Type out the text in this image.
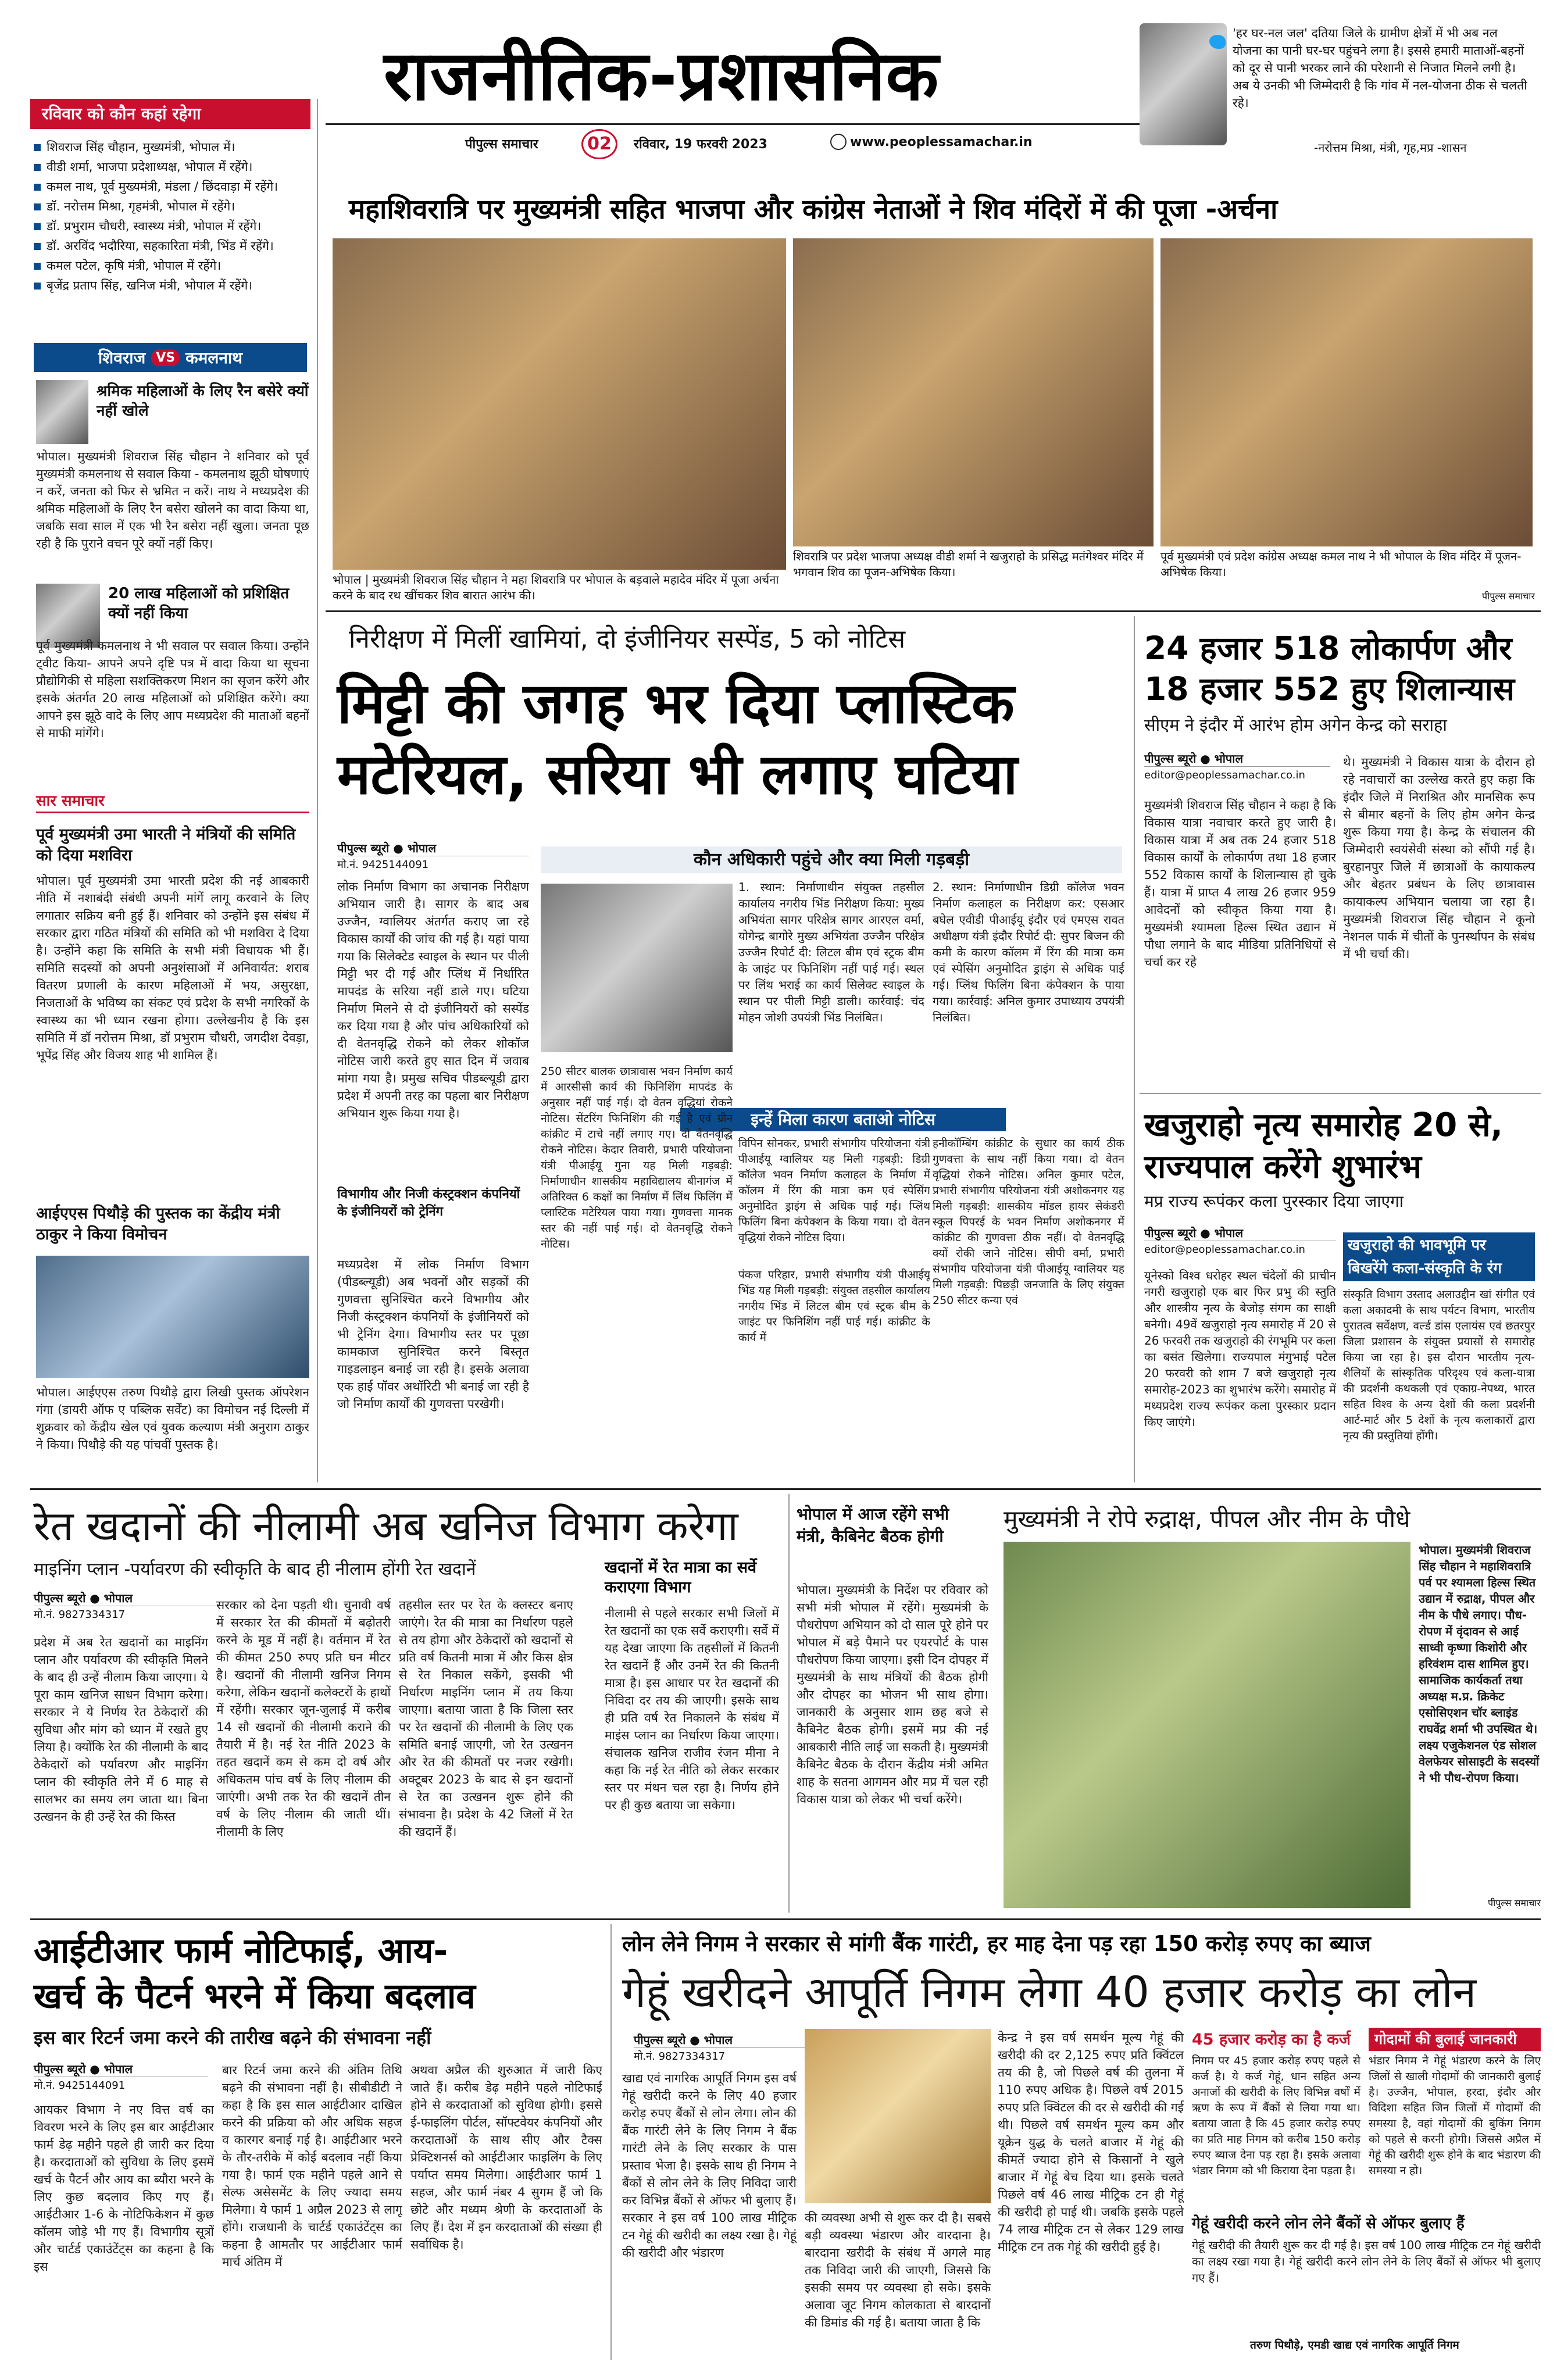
राजनीतिक-प्रशासनिक
पीपुल्स समाचार	02	रविवार, 19 फरवरी 2023	www.peoplessamachar.in
'हर घर-नल जल' दतिया जिले के ग्रामीण क्षेत्रों में भी अब नल योजना का पानी घर-घर पहुंचने लगा है। इससे हमारी माताओं-बहनों को दूर से पानी भरकर लाने की परेशानी से निजात मिलने लगी है। अब ये उनकी भी जिम्मेदारी है कि गांव में नल-योजना ठीक से चलती रहे।
-नरोत्तम मिश्रा, मंत्री, गृह,मप्र -शासन
रविवार को कौन कहां रहेगा
शिवराज सिंह चौहान, मुख्यमंत्री, भोपाल में।
वीडी शर्मा, भाजपा प्रदेशाध्यक्ष, भोपाल में रहेंगे।
कमल नाथ, पूर्व मुख्यमंत्री, मंडला / छिंदवाड़ा में रहेंगे।
डॉ. नरोत्तम मिश्रा, गृहमंत्री, भोपाल में रहेंगे।
डॉ. प्रभुराम चौधरी, स्वास्थ्य मंत्री, भोपाल में रहेंगे।
डॉ. अरविंद भदौरिया, सहकारिता मंत्री, भिंड में रहेंगे।
कमल पटेल, कृषि मंत्री, भोपाल में रहेंगे।
बृजेंद्र प्रताप सिंह, खनिज मंत्री, भोपाल में रहेंगे।
शिवराज VS कमलनाथ
श्रमिक महिलाओं के लिए रैन बसेरे क्यों नहीं खोले
भोपाल। मुख्यमंत्री शिवराज सिंह चौहान ने शनिवार को पूर्व मुख्यमंत्री कमलनाथ से सवाल किया - कमलनाथ झूठी घोषणाएं न करें, जनता को फिर से भ्रमित न करें। नाथ ने मध्यप्रदेश की श्रमिक महिलाओं के लिए रैन बसेरा खोलने का वादा किया था, जबकि सवा साल में एक भी रैन बसेरा नहीं खुला। जनता पूछ रही है कि पुराने वचन पूरे क्यों नहीं किए।
20 लाख महिलाओं को प्रशिक्षित क्यों नहीं किया
पूर्व मुख्यमंत्री कमलनाथ ने भी सवाल पर सवाल किया। उन्होंने ट्वीट किया- आपने अपने दृष्टि पत्र में वादा किया था सूचना प्रौद्योगिकी से महिला सशक्तिकरण मिशन का सृजन करेंगे और इसके अंतर्गत 20 लाख महिलाओं को प्रशिक्षित करेंगे। क्या आपने इस झूठे वादे के लिए आप मध्यप्रदेश की माताओं बहनों से माफी मांगेंगे।
सार समाचार
पूर्व मुख्यमंत्री उमा भारती ने मंत्रियों की समिति को दिया मशविरा
भोपाल। पूर्व मुख्यमंत्री उमा भारती प्रदेश की नई आबकारी नीति में नशाबंदी संबंधी अपनी मांगें लागू करवाने के लिए लगातार सक्रिय बनी हुई हैं। शनिवार को उन्होंने इस संबंध में सरकार द्वारा गठित मंत्रियों की समिति को भी मशविरा दे दिया है। उन्होंने कहा कि समिति के सभी मंत्री विधायक भी हैं। समिति सदस्यों को अपनी अनुशंसाओं में अनिवार्यत: शराब वितरण प्रणाली के कारण महिलाओं में भय, असुरक्षा, निजताओं के भविष्य का संकट एवं प्रदेश के सभी नगरिकों के स्वास्थ्य का भी ध्यान रखना होगा। उल्लेखनीय है कि इस समिति में डॉ नरोत्तम मिश्रा, डॉ प्रभुराम चौधरी, जगदीश देवड़ा, भूपेंद्र सिंह और विजय शाह भी शामिल हैं।
आईएएस पिथौड़े की पुस्तक का केंद्रीय मंत्री ठाकुर ने किया विमोचन
भोपाल। आईएएस तरुण पिथौड़े द्वारा लिखी पुस्तक ऑपरेशन गंगा (डायरी ऑफ ए पब्लिक सर्वेंट) का विमोचन नई दिल्ली में शुक्रवार को केंद्रीय खेल एवं युवक कल्याण मंत्री अनुराग ठाकुर ने किया। पिथौड़े की यह पांचवीं पुस्तक है।
महाशिवरात्रि पर मुख्यमंत्री सहित भाजपा और कांग्रेस नेताओं ने शिव मंदिरों में की पूजा -अर्चना
भोपाल | मुख्यमंत्री शिवराज सिंह चौहान ने महा शिवरात्रि पर भोपाल के बड़वाले महादेव मंदिर में पूजा अर्चना करने के बाद रथ खींचकर शिव बारात आरंभ की।
शिवरात्रि पर प्रदेश भाजपा अध्यक्ष वीडी शर्मा ने खजुराहो के प्रसिद्ध मतंगेश्वर मंदिर में भगवान शिव का पूजन-अभिषेक किया।
पूर्व मुख्यमंत्री एवं प्रदेश कांग्रेस अध्यक्ष कमल नाथ ने भी भोपाल के शिव मंदिर में पूजन-अभिषेक किया।
पीपुल्स समाचार
निरीक्षण में मिलीं खामियां, दो इंजीनियर सस्पेंड, 5 को नोटिस
मिट्टी की जगह भर दिया प्लास्टिक
मटेरियल, सरिया भी लगाए घटिया
पीपुल्स ब्यूरो ● भोपाल
मो.नं. 9425144091
लोक निर्माण विभाग का अचानक निरीक्षण अभियान जारी है। सागर के बाद अब उज्जैन, ग्वालियर अंतर्गत कराए जा रहे विकास कार्यों की जांच की गई है। यहां पाया गया कि सिलेक्टेड स्वाइल के स्थान पर पीली मिट्टी भर दी गई और प्लिंथ में निर्धारित मापदंड के सरिया नहीं डाले गए। घटिया निर्माण मिलने से दो इंजीनियरों को सस्पेंड कर दिया गया है और पांच अधिकारियों को दी वेतनवृद्धि रोकने को लेकर शोकॉज नोटिस जारी करते हुए सात दिन में जवाब मांगा गया है। प्रमुख सचिव पीडब्ल्यूडी द्वारा प्रदेश में अपनी तरह का पहला बार निरीक्षण अभियान शुरू किया गया है।
विभागीय और निजी कंस्ट्रक्शन कंपनियों के इंजीनियरों को ट्रेनिंग
मध्यप्रदेश में लोक निर्माण विभाग (पीडब्ल्यूडी) अब भवनों और सड़कों की गुणवत्ता सुनिश्चित करने विभागीय और निजी कंस्ट्रक्शन कंपनियों के इंजीनियरों को भी ट्रेनिंग देगा। विभागीय स्तर पर पूछा कामकाज सुनिश्चित करने बिस्तृत गाइडलाइन बनाई जा रही है। इसके अलावा एक हाई पॉवर अथॉरिटी भी बनाई जा रही है जो निर्माण कार्यों की गुणवत्ता परखेगी।
कौन अधिकारी पहुंचे और क्या मिली गड़बड़ी
1. स्थान: निर्माणाधीन संयुक्त तहसील कार्यालय नगरीय भिंड निरीक्षण किया: मुख्य अभियंता सागर परिक्षेत्र सागर आरएल वर्मा, योगेन्द्र बागोरे मुख्य अभियंता उज्जैन परिक्षेत्र उज्जैन रिपोर्ट दी: लिटल बीम एवं स्ट्रक बीम के जाइंट पर फिनिशिंग नहीं पाई गई। स्थल पर लिंथ भराई का कार्य सिलेक्ट स्वाइल के स्थान पर पीली मिट्टी डाली। कार्रवाई: चंद मोहन जोशी उपयंत्री भिंड निलंबित।
2. स्थान: निर्माणाधीन डिग्री कॉलेज भवन निर्माण कलाहल क निरीक्षण कर: एसआर बघेल एवीडी पीआईयू इंदौर एवं एमएस रावत अधीक्षण यंत्री इंदौर रिपोर्ट दी: सुपर बिजन की कमी के कारण कॉलम में रिंग की मात्रा कम एवं स्पेसिंग अनुमोदित ड्राइंग से अधिक पाई गई। प्लिंथ फिलिंग बिना कंपेक्शन के पाया गया। कार्रवाई: अनिल कुमार उपाध्याय उपयंत्री निलंबित।
इन्हें मिला कारण बताओ नोटिस
विपिन सोनकर, प्रभारी संभागीय परियोजना यंत्री पीआईयू ग्वालियर यह मिली गड़बड़ी: डिग्री कॉलेज भवन निर्माण कलाहल के निर्माण में कॉलम में रिंग की मात्रा कम एवं स्पेसिंग अनुमोदित ड्राइंग से अधिक पाई गई। प्लिंथ फिलिंग बिना कंपेक्शन के किया गया। दो वेतन वृद्धियां रोकने नोटिस दिया।
पंकज परिहार, प्रभारी संभागीय यंत्री पीआईयू भिंड यह मिली गड़बड़ी: संयुक्त तहसील कार्यालय नगरीय भिंड में लिटल बीम एवं स्ट्रक बीम के जाइंट पर फिनिशिंग नहीं पाई गई। कांक्रीट के कार्य में
हनीकॉम्बिंग कांक्रीट के सुधार का कार्य ठीक गुणवत्ता के साथ नहीं किया गया। दो वेतन वृद्धियां रोकने नोटिस। अनिल कुमार पटेल, प्रभारी संभागीय परियोजना यंत्री अशोकनगर यह मिली गड़बड़ी: शासकीय माॅडल हायर सेकंडरी स्कूल पिपरई के भवन निर्माण अशोकनगर में कांक्रीट की गुणवत्ता ठीक नहीं। दो वेतनवृद्धि क्यों रोकी जाने नोटिस। सीपी वर्मा, प्रभारी संभागीय परियोजना यंत्री पीआईयू ग्वालियर यह मिली गड़बड़ी: पिछड़ी जनजाति के लिए संयुक्त 250 सीटर कन्या एवं
250 सीटर बालक छात्रावास भवन निर्माण कार्य में आरसीसी कार्य की फिनिशिंग मापदंड के अनुसार नहीं पाई गई। दो वेतन वृद्धियां रोकने नोटिस। सेंटरिंग फिनिशिंग की गई है एवं ग्रीन कांक्रीट में टाचे नहीं लगाए गए। दो वेतनवृद्धि रोकने नोटिस। केदार तिवारी, प्रभारी परियोजना यंत्री पीआईयू गुना यह मिली गड़बड़ी: निर्माणाधीन शासकीय महाविद्यालय बीनागंज में अतिरिक्त 6 कक्षों का निर्माण में लिंथ फिलिंग में प्लास्टिक मटेरियल पाया गया। गुणवत्ता मानक स्तर की नहीं पाई गई। दो वेतनवृद्धि रोकने नोटिस।
24 हजार 518 लोकार्पण और 18 हजार 552 हुए शिलान्यास
सीएम ने इंदौर में आरंभ होम अगेन केन्द्र को सराहा
पीपुल्स ब्यूरो ● भोपाल
editor@peoplessamachar.co.in
मुख्यमंत्री शिवराज सिंह चौहान ने कहा है कि विकास यात्रा नवाचार करते हुए जारी है। विकास यात्रा में अब तक 24 हजार 518 विकास कार्यों के लोकार्पण तथा 18 हजार 552 विकास कार्यों के शिलान्यास हो चुके हैं। यात्रा में प्राप्त 4 लाख 26 हजार 959 आवेदनों को स्वीकृत किया गया है। मुख्यमंत्री श्यामला हिल्स स्थित उद्यान में पौधा लगाने के बाद मीडिया प्रतिनिधियों से चर्चा कर रहे
थे। मुख्यमंत्री ने विकास यात्रा के दौरान हो रहे नवाचारों का उल्लेख करते हुए कहा कि इंदौर जिले में निराश्रित और मानसिक रूप से बीमार बहनों के लिए होम अगेन केन्द्र शुरू किया गया है। केन्द्र के संचालन की जिम्मेदारी स्वयंसेवी संस्था को सौंपी गई है। बुरहानपुर जिले में छात्राओं के कायाकल्प और बेहतर प्रबंधन के लिए छात्रावास कायाकल्प अभियान चलाया जा रहा है। मुख्यमंत्री शिवराज सिंह चौहान ने कूनो नेशनल पार्क में चीतों के पुनर्स्थापन के संबंध में भी चर्चा की।
खजुराहो नृत्य समारोह 20 से, राज्यपाल करेंगे शुभारंभ
मप्र राज्य रूपंकर कला पुरस्कार दिया जाएगा
पीपुल्स ब्यूरो ● भोपाल
editor@peoplessamachar.co.in
यूनेस्को विश्व धरोहर स्थल चंदेलों की प्राचीन नगरी खजुराहो एक बार फिर प्रभु की स्तुति और शास्त्रीय नृत्य के बेजोड़ संगम का साक्षी बनेगी। 49वें खजुराहो नृत्य समारोह में 20 से 26 फरवरी तक खजुराहो की रंगभूमि पर कला का बसंत खिलेगा। राज्यपाल मंगुभाई पटेल 20 फरवरी को शाम 7 बजे खजुराहो नृत्य समारोह-2023 का शुभारंभ करेंगे। समारोह में मध्यप्रदेश राज्य रूपंकर कला पुरस्कार प्रदान किए जाएंगे।
खजुराहो की भावभूमि पर बिखरेंगे कला-संस्कृति के रंग
संस्कृति विभाग उस्ताद अलाउद्दीन खां संगीत एवं कला अकादमी के साथ पर्यटन विभाग, भारतीय पुरातत्व सर्वेक्षण, वर्ल्ड डांस एलायंस एवं छतरपुर जिला प्रशासन के संयुक्त प्रयासों से समारोह किया जा रहा है। इस दौरान भारतीय नृत्य-शैलियों के सांस्कृतिक परिदृश्य एवं कला-यात्रा की प्रदर्शनी कथकली एवं एकाग्र-नेपथ्य, भारत सहित विश्व के अन्य देशों की कला प्रदर्शनी आर्ट-मार्ट और 5 देशों के नृत्य कलाकारों द्वारा नृत्य की प्रस्तुतियां होंगी।
रेत खदानों की नीलामी अब खनिज विभाग करेगा
माइनिंग प्लान -पर्यावरण की स्वीकृति के बाद ही नीलाम होंगी रेत खदानें
पीपुल्स ब्यूरो ● भोपाल
मो.नं. 9827334317
प्रदेश में अब रेत खदानों का माइनिंग प्लान और पर्यावरण की स्वीकृति मिलने के बाद ही उन्हें नीलाम किया जाएगा। ये पूरा काम खनिज साधन विभाग करेगा। सरकार ने ये निर्णय रेत ठेकेदारों की सुविधा और मांग को ध्यान में रखते हुए लिया है। क्योंकि रेत की नीलामी के बाद ठेकेदारों को पर्यावरण और माइनिंग प्लान की स्वीकृति लेने में 6 माह से सालभर का समय लग जाता था। बिना उत्खनन के ही उन्हें रेत की किस्त
सरकार को देना पड़ती थी। चुनावी वर्ष में सरकार रेत की कीमतों में बढ़ोतरी करने के मूड में नहीं है। वर्तमान में रेत की कीमत 250 रुपए प्रति घन मीटर है। खदानों की नीलामी खनिज निगम करेगा, लेकिन खदानों कलेक्टरों के हाथों में रहेंगी। सरकार जून-जुलाई में करीब 14 सौ खदानों की नीलामी कराने की तैयारी में है। नई रेत नीति 2023 के तहत खदानें कम से कम दो वर्ष और अधिकतम पांच वर्ष के लिए नीलाम की जाएंगी। अभी तक रेत की खदानें तीन वर्ष के लिए नीलाम की जाती थीं। नीलामी के लिए
तहसील स्तर पर रेत के क्लस्टर बनाए जाएंगे। रेत की मात्रा का निर्धारण पहले से तय होगा और ठेकेदारों को खदानों से प्रति वर्ष कितनी मात्रा में और किस क्षेत्र से रेत निकाल सकेंगे, इसकी भी निर्धारण माइनिंग प्लान में तय किया जाएगा। बताया जाता है कि जिला स्तर पर रेत खदानों की नीलामी के लिए एक समिति बनाई जाएगी, जो रेत उत्खनन और रेत की कीमतों पर नजर रखेगी। अक्टूबर 2023 के बाद से इन खदानों से रेत का उत्खनन शुरू होने की संभावना है। प्रदेश के 42 जिलों में रेत की खदानें हैं।
खदानों में रेत मात्रा का सर्वे कराएगा विभाग
नीलामी से पहले सरकार सभी जिलों में रेत खदानों का एक सर्वे कराएगी। सर्वे में यह देखा जाएगा कि तहसीलों में कितनी रेत खदानें हैं और उनमें रेत की कितनी मात्रा है। इस आधार पर रेत खदानों की निविदा दर तय की जाएगी। इसके साथ ही प्रति वर्ष रेत निकालने के संबंध में माइंस प्लान का निर्धारण किया जाएगा। संचालक खनिज राजीव रंजन मीना ने कहा कि नई रेत नीति को लेकर सरकार स्तर पर मंथन चल रहा है। निर्णय होने पर ही कुछ बताया जा सकेगा।
भोपाल में आज रहेंगे सभी मंत्री, कैबिनेट बैठक होगी
भोपाल। मुख्यमंत्री के निर्देश पर रविवार को सभी मंत्री भोपाल में रहेंगे। मुख्यमंत्री के पौधरोपण अभियान को दो साल पूरे होने पर भोपाल में बड़े पैमाने पर एयरपोर्ट के पास पौधरोपण किया जाएगा। इसी दिन दोपहर में मुख्यमंत्री के साथ मंत्रियों की बैठक होगी और दोपहर का भोजन भी साथ होगा। जानकारी के अनुसार शाम छह बजे से कैबिनेट बैठक होगी। इसमें मप्र की नई आबकारी नीति लाई जा सकती है। मुख्यमंत्री कैबिनेट बैठक के दौरान केंद्रीय मंत्री अमित शाह के सतना आगमन और मप्र में चल रही विकास यात्रा को लेकर भी चर्चा करेंगे।
मुख्यमंत्री ने रोपे रुद्राक्ष, पीपल और नीम के पौधे
भोपाल। मुख्यमंत्री शिवराज सिंह चौहान ने महाशिवरात्रि पर्व पर श्यामला हिल्स स्थित उद्यान में रुद्राक्ष, पीपल और नीम के पौधे लगाए। पौध-रोपण में वृंदावन से आई साध्वी कृष्णा किशोरी और हरिवंशम दास शामिल हुए। सामाजिक कार्यकर्ता तथा अध्यक्ष म.प्र. क्रिकेट एसोसिएशन चॉर ब्लाइंड राघवेंद्र शर्मा भी उपस्थित थे। लक्ष्य एजुकेशनल एंड सोशल वेलफेयर सोसाइटी के सदस्यों ने भी पौध-रोपण किया।
पीपुल्स समाचार
आईटीआर फार्म नोटिफाई, आय-
खर्च के पैटर्न भरने में किया बदलाव
इस बार रिटर्न जमा करने की तारीख बढ़ने की संभावना नहीं
पीपुल्स ब्यूरो ● भोपाल
मो.नं. 9425144091
आयकर विभाग ने नए वित्त वर्ष का विवरण भरने के लिए इस बार आईटीआर फार्म डेढ़ महीने पहले ही जारी कर दिया है। करदाताओं को सुविधा के लिए इसमें खर्च के पैटर्न और आय का ब्यौरा भरने के लिए कुछ बदलाव किए गए हैं। आईटीआर 1-6 के नोटिफिकेशन में कुछ कॉलम जोड़े भी गए हैं। विभागीय सूत्रों और चार्टर्ड एकाउंटेंट्स का कहना है कि इस
बार रिटर्न जमा करने की अंतिम तिथि बढ़ने की संभावना नहीं है। सीबीडीटी ने कहा है कि इस साल आईटीआर दाखिल करने की प्रक्रिया को और अधिक सहज व कारगर बनाई गई है। आईटीआर भरने के तौर-तरीके में कोई बदलाव नहीं किया गया है। फार्म एक महीने पहले आने से सेल्फ असेसमेंट के लिए ज्यादा समय मिलेगा। ये फार्म 1 अप्रैल 2023 से लागू होंगे। राजधानी के चार्टर्ड एकाउंटेंट्स का कहना है आमतौर पर आईटीआर फार्म मार्च अंतिम में
अथवा अप्रैल की शुरुआत में जारी किए जाते हैं। करीब डेढ़ महीने पहले नोटिफाई होने से करदाताओं को सुविधा होगी। इससे ई-फाइलिंग पोर्टल, सॉफ्टवेयर कंपनियों और करदाताओं के साथ सीए और टैक्स प्रेक्टिशनर्स को आईटीआर फाइलिंग के लिए पर्याप्त समय मिलेगा। आईटीआर फार्म 1 सहज, और फार्म नंबर 4 सुगम हैं जो कि छोटे और मध्यम श्रेणी के करदाताओं के लिए हैं। देश में इन करदाताओं की संख्या ही सर्वाधिक है।
लोन लेने निगम ने सरकार से मांगी बैंक गारंटी, हर माह देना पड़ रहा 150 करोड़ रुपए का ब्याज
गेहूं खरीदने आपूर्ति निगम लेगा 40 हजार करोड़ का लोन
पीपुल्स ब्यूरो ● भोपाल
मो.नं. 9827334317
खाद्य एवं नागरिक आपूर्ति निगम इस वर्ष गेहूं खरीदी करने के लिए 40 हजार करोड़ रुपए बैंकों से लोन लेगा। लोन की बैंक गारंटी लेने के लिए निगम ने बैंक गारंटी लेने के लिए सरकार के पास प्रस्ताव भेजा है। इसके साथ ही निगम ने बैंकों से लोन लेने के लिए निविदा जारी कर विभिन्न बैंकों से ऑफर भी बुलाए हैं। सरकार ने इस वर्ष 100 लाख मीट्रिक टन गेहूं की खरीदी का लक्ष्य रखा है। गेहूं की खरीदी और भंडारण
की व्यवस्था अभी से शुरू कर दी है। सबसे बड़ी व्यवस्था भंडारण और वारदाना है। बारदाना खरीदी के संबंध में अगले माह तक निविदा जारी की जाएगी, जिससे कि इसकी समय पर व्यवस्था हो सके। इसके अलावा जूट निगम कोलकाता से बारदानों की डिमांड की गई है। बताया जाता है कि
केन्द्र ने इस वर्ष समर्थन मूल्य गेहूं की खरीदी की दर 2,125 रुपए प्रति क्विंटल तय की है, जो पिछले वर्ष की तुलना में 110 रुपए अधिक है। पिछले वर्ष 2015 रुपए प्रति क्विंटल की दर से खरीदी की गई थी। पिछले वर्ष समर्थन मूल्य कम और यूक्रेन युद्ध के चलते बाजार में गेहूं की कीमतें ज्यादा होने से किसानों ने खुले बाजार में गेहूं बेच दिया था। इसके चलते पिछले वर्ष 46 लाख मीट्रिक टन ही गेहूं की खरीदी हो पाई थी। जबकि इसके पहले 74 लाख मीट्रिक टन से लेकर 129 लाख मीट्रिक टन तक गेहूं की खरीदी हुई है।
45 हजार करोड़ का है कर्ज
निगम पर 45 हजार करोड़ रुपए पहले से कर्ज है। ये कर्ज गेहूं, धान सहित अन्य अनाजों की खरीदी के लिए विभिन्न वर्षों में ऋण के रूप में बैंकों से लिया गया था। बताया जाता है कि 45 हजार करोड़ रुपए का प्रति माह निगम को करीब 150 करोड़ रुपए ब्याज देना पड़ रहा है। इसके अलावा भंडार निगम को भी किराया देना पड़ता है।
गोदामों की बुलाई जानकारी
भंडार निगम ने गेहूं भंडारण करने के लिए जिलों से खाली गोदामों की जानकारी बुलाई है। उज्जैन, भोपाल, हरदा, इंदौर और विदिशा सहित जिन जिलों में गोदामों की समस्या है, वहां गोदामों की बुकिंग निगम को पहले से करनी होगी। जिससे अप्रैल में गेहूं की खरीदी शुरू होने के बाद भंडारण की समस्या न हो।
गेहूं खरीदी करने लोन लेने बैंकों से ऑफर बुलाए हैं
गेहूं खरीदी की तैयारी शुरू कर दी गई है। इस वर्ष 100 लाख मीट्रिक टन गेहूं खरीदी का लक्ष्य रखा गया है। गेहूं खरीदी करने लोन लेने के लिए बैंकों से ऑफर भी बुलाए गए हैं।
तरुण पिथौड़े, एमडी खाद्य एवं नागरिक आपूर्ति निगम
